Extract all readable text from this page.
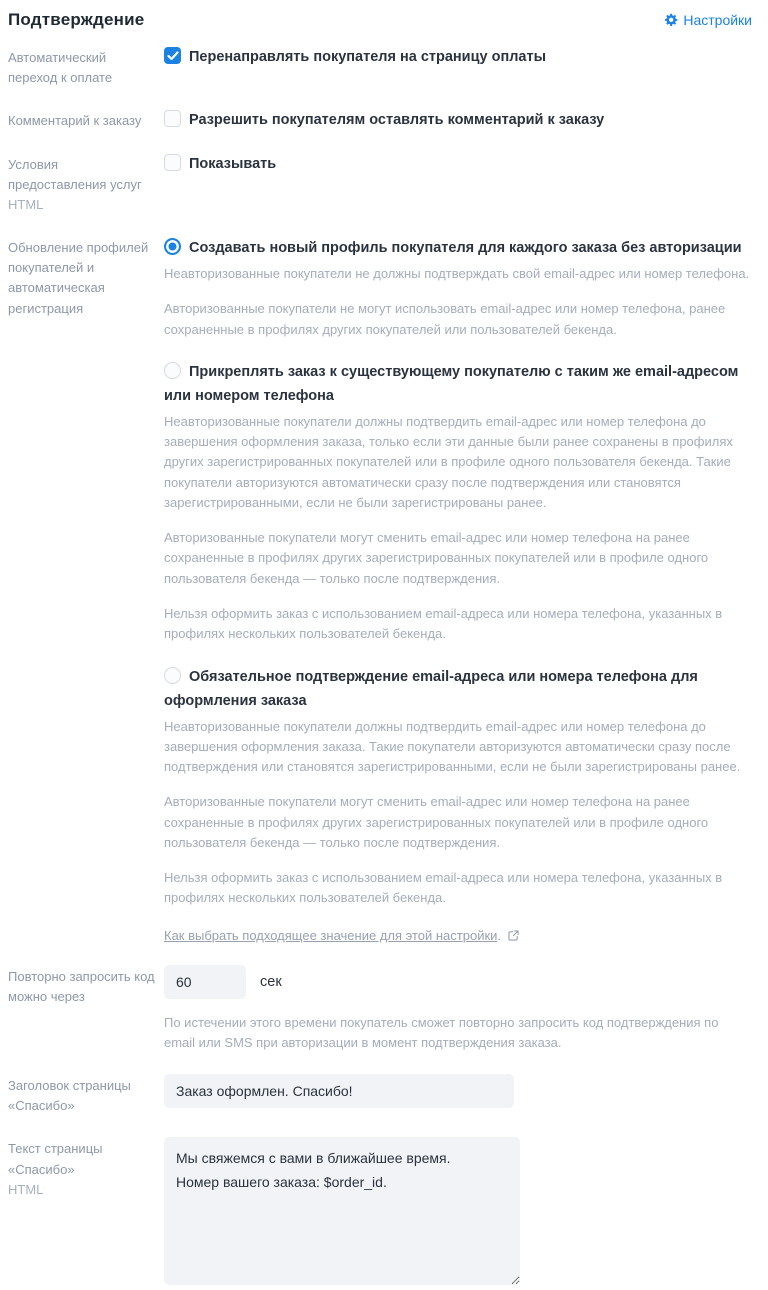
Подтверждение	Настройки
Автоматический переход к оплате
Перенаправлять покупателя на страницу оплаты
Комментарий к заказу	Разрешить покупателям оставлять комментарий к заказу
Условия предоставления услуг
HTML
Показывать
Обновление профилей покупателей и автоматическая регистрация
Создавать новый профиль покупателя для каждого заказа без авторизации
Неавторизованные покупатели не должны подтверждать свой email-адрес или номер телефона.
Авторизованные покупатели не могут использовать email-адрес или номер телефона, ранее сохраненные в профилях других покупателей или пользователей бекенда.
Прикреплять заказ к существующему покупателю с таким же email-адресом или номером телефона
Неавторизованные покупатели должны подтвердить email-адрес или номер телефона до завершения оформления заказа, только если эти данные были ранее сохранены в профилях других зарегистрированных покупателей или в профиле одного пользователя бекенда. Такие покупатели авторизуются автоматически сразу после подтверждения или становятся зарегистрированными, если не были зарегистрированы ранее.
Авторизованные покупатели могут сменить email-адрес или номер телефона на ранее сохраненные в профилях других зарегистрированных покупателей или в профиле одного пользователя бекенда — только после подтверждения.
Нельзя оформить заказ с использованием email-адреса или номера телефона, указанных в профилях нескольких пользователей бекенда.
Обязательное подтверждение email-адреса или номера телефона для оформления заказа
Неавторизованные покупатели должны подтвердить email-адрес или номер телефона до завершения оформления заказа. Такие покупатели авторизуются автоматически сразу после подтверждения или становятся зарегистрированными, если не были зарегистрированы ранее.
Авторизованные покупатели могут сменить email-адрес или номер телефона на ранее сохраненные в профилях других зарегистрированных покупателей или в профиле одного пользователя бекенда — только после подтверждения.
Нельзя оформить заказ с использованием email-адреса или номера телефона, указанных в профилях нескольких пользователей бекенда.
Как выбрать подходящее значение для этой настройки.
Повторно запросить код можно через
60
сек
По истечении этого времени покупатель сможет повторно запросить код подтверждения по email или SMS при авторизации в момент подтверждения заказа.
Заголовок страницы «Спасибо»
Заказ оформлен. Спасибо!
Текст страницы «Спасибо»
HTML
Мы свяжемся с вами в ближайшее время. Номер вашего заказа: $order_id.
